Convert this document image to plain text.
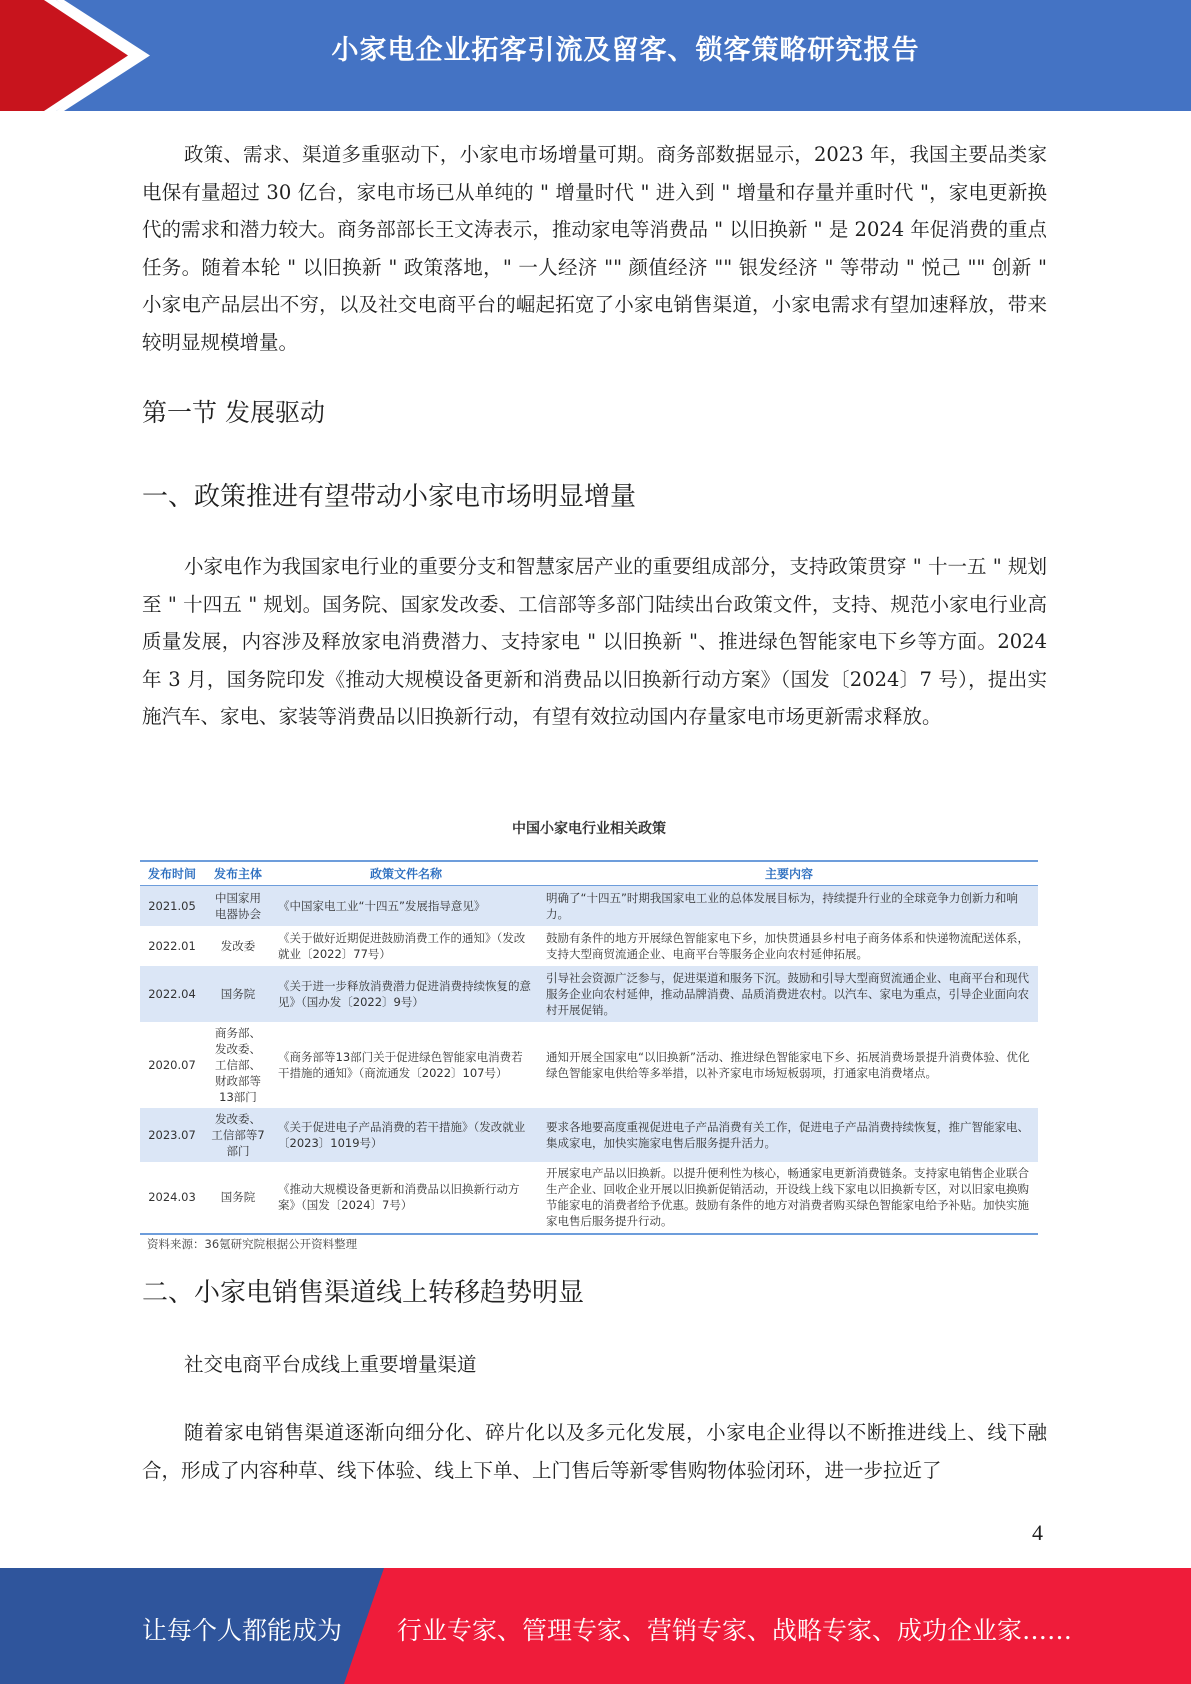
小家电企业拓客引流及留客、锁客策略研究报告

政策、需求、渠道多重驱动下，小家电市场增量可期。商务部数据显示，2023 年，我国主要品类家电保有量超过 30 亿台，家电市场已从单纯的 " 增量时代 " 进入到 " 增量和存量并重时代 "，家电更新换代的需求和潜力较大。商务部部长王文涛表示，推动家电等消费品 " 以旧换新 " 是 2024 年促消费的重点任务。随着本轮 " 以旧换新 " 政策落地，" 一人经济 "" 颜值经济 "" 银发经济 " 等带动 " 悦己 "" 创新 " 小家电产品层出不穷，以及社交电商平台的崛起拓宽了小家电销售渠道，小家电需求有望加速释放，带来较明显规模增量。

第一节 发展驱动
一、政策推进有望带动小家电市场明显增量

小家电作为我国家电行业的重要分支和智慧家居产业的重要组成部分，支持政策贯穿 " 十一五 " 规划至 " 十四五 " 规划。国务院、国家发改委、工信部等多部门陆续出台政策文件，支持、规范小家电行业高质量发展，内容涉及释放家电消费潜力、支持家电 " 以旧换新 "、推进绿色智能家电下乡等方面。2024 年 3 月，国务院印发《推动大规模设备更新和消费品以旧换新行动方案》（国发〔2024〕7 号），提出实施汽车、家电、家装等消费品以旧换新行动，有望有效拉动国内存量家电市场更新需求释放。

中国小家电行业相关政策
发布时间	发布主体	政策文件名称	主要内容
2021.05	中国家用电器协会	《中国家电工业“十四五”发展指导意见》	明确了“十四五”时期我国家电工业的总体发展目标为，持续提升行业的全球竞争力创新力和响力。
2022.01	发改委	《关于做好近期促进鼓励消费工作的通知》（发改就业〔2022〕77号）	鼓励有条件的地方开展绿色智能家电下乡，加快贯通县乡村电子商务体系和快递物流配送体系，支持大型商贸流通企业、电商平台等服务企业向农村延伸拓展。
2022.04	国务院	《关于进一步释放消费潜力促进消费持续恢复的意见》（国办发〔2022〕9号）	引导社会资源广泛参与，促进渠道和服务下沉。鼓励和引导大型商贸流通企业、电商平台和现代服务企业向农村延伸，推动品牌消费、品质消费进农村。以汽车、家电为重点，引导企业面向农村开展促销。
2020.07	商务部、发改委、工信部、财政部等13部门	《商务部等13部门关于促进绿色智能家电消费若干措施的通知》（商流通发〔2022〕107号）	通知开展全国家电“以旧换新”活动、推进绿色智能家电下乡、拓展消费场景提升消费体验、优化绿色智能家电供给等多举措，以补齐家电市场短板弱项，打通家电消费堵点。
2023.07	发改委、工信部等7部门	《关于促进电子产品消费的若干措施》（发改就业〔2023〕1019号）	要求各地要高度重视促进电子产品消费有关工作，促进电子产品消费持续恢复，推广智能家电、集成家电，加快实施家电售后服务提升活力。
2024.03	国务院	《推动大规模设备更新和消费品以旧换新行动方案》（国发〔2024〕7号）	开展家电产品以旧换新。以提升便利性为核心，畅通家电更新消费链条。支持家电销售企业联合生产企业、回收企业开展以旧换新促销活动，开设线上线下家电以旧换新专区，对以旧家电换购节能家电的消费者给予优惠。鼓励有条件的地方对消费者购买绿色智能家电给予补贴。加快实施家电售后服务提升行动。
资料来源：36氪研究院根据公开资料整理
二、小家电销售渠道线上转移趋势明显

社交电商平台成线上重要增量渠道

随着家电销售渠道逐渐向细分化、碎片化以及多元化发展，小家电企业得以不断推进线上、线下融合，形成了内容种草、线下体验、线上下单、上门售后等新零售购物体验闭环，进一步拉近了

4
让每个人都能成为 行业专家、管理专家、营销专家、战略专家、成功企业家……
